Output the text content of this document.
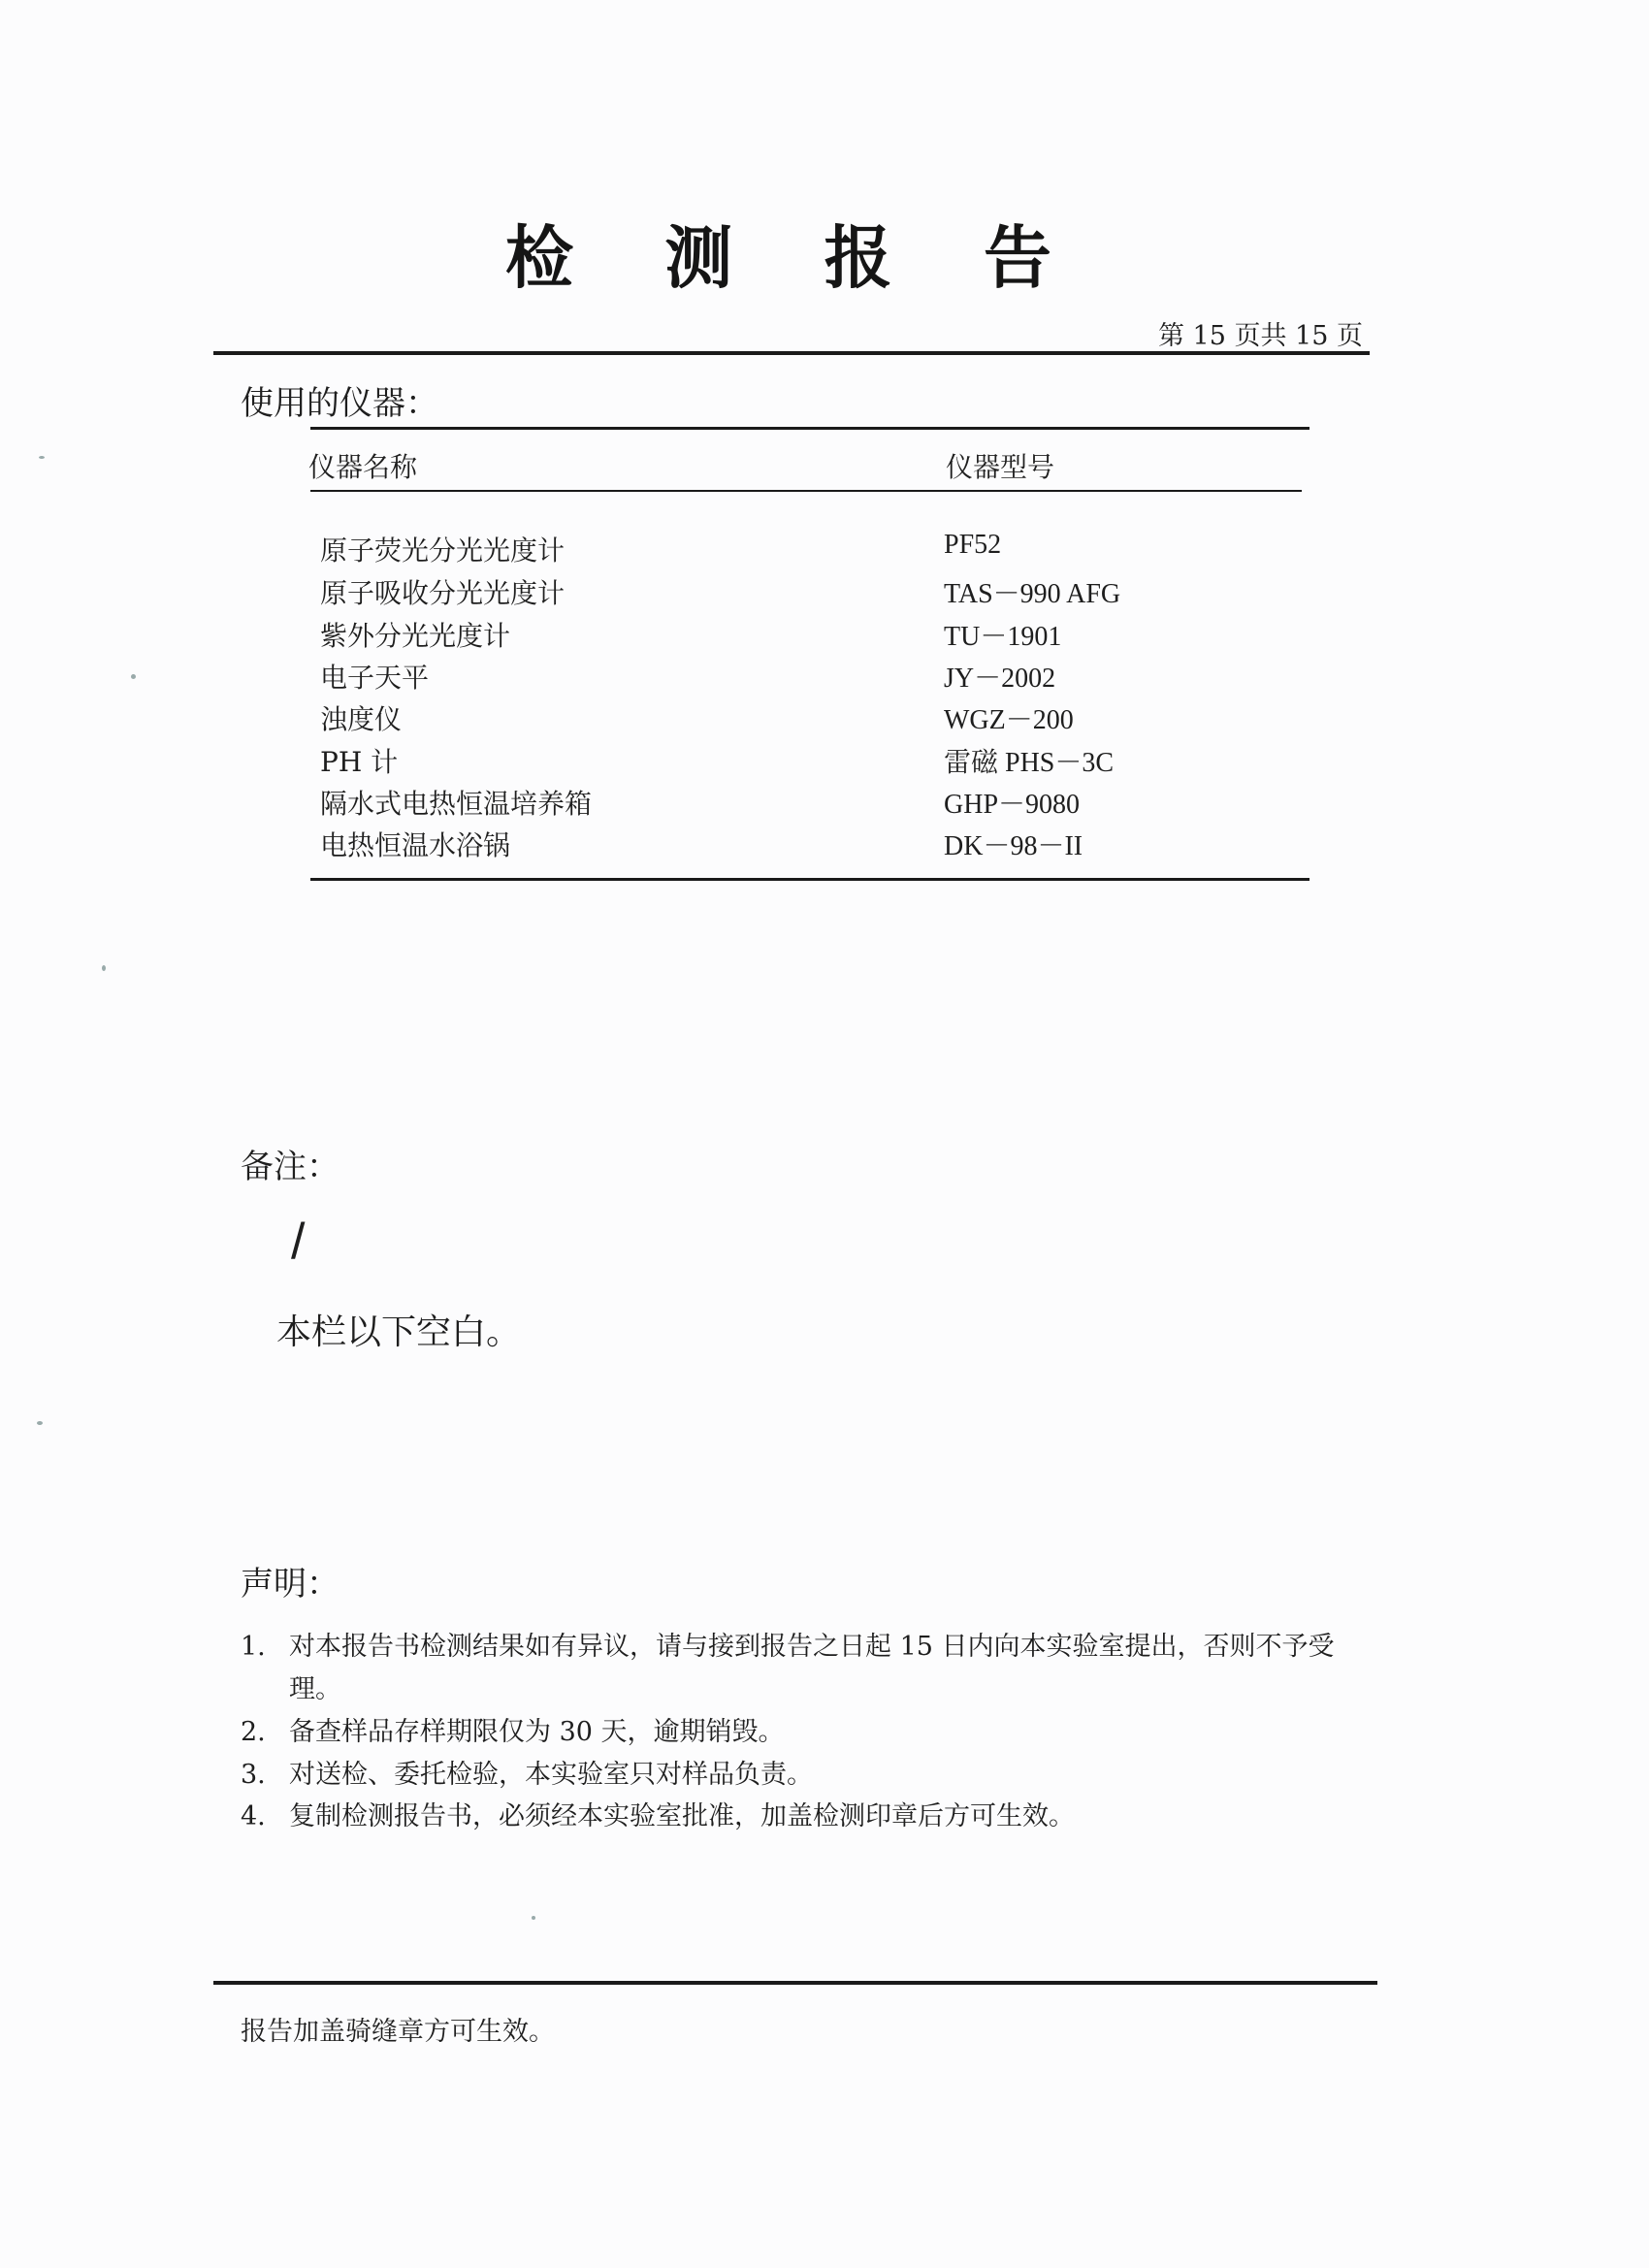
检 测 报 告
第 15 页共 15 页
使用的仪器：
仪器名称	仪器型号
原子荧光分光光度计	PF52
原子吸收分光光度计	TAS－990 AFG
紫外分光光度计	TU－1901
电子天平	JY－2002
浊度仪	WGZ－200
PH 计	雷磁 PHS－3C
隔水式电热恒温培养箱	GHP－9080
电热恒温水浴锅	DK－98－II
备注：
/
本栏以下空白。
声明：
1. 对本报告书检测结果如有异议，请与接到报告之日起 15 日内向本实验室提出，否则不予受理。
2. 备查样品存样期限仅为 30 天，逾期销毁。
3. 对送检、委托检验，本实验室只对样品负责。
4. 复制检测报告书，必须经本实验室批准，加盖检测印章后方可生效。
报告加盖骑缝章方可生效。
